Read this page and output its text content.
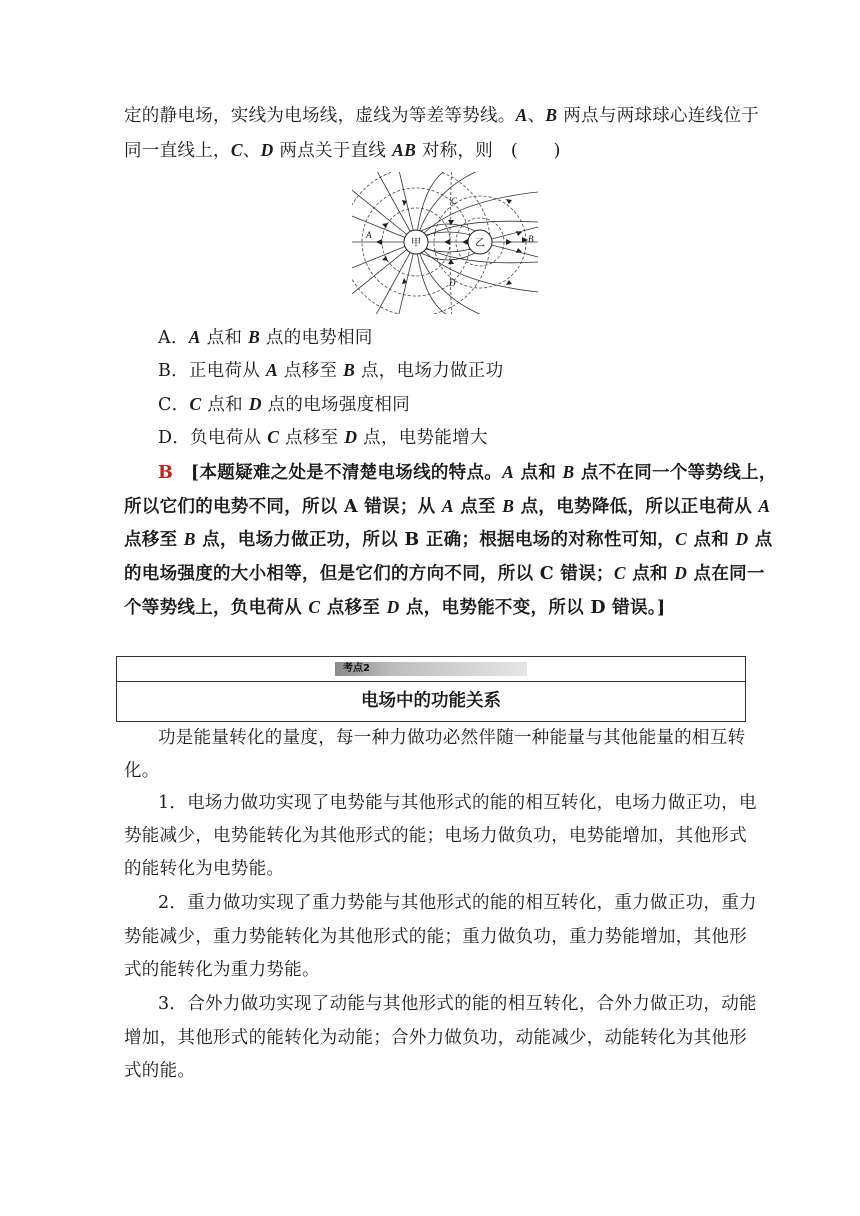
定的静电场，实线为电场线，虚线为等差等势线。A、B 两点与两球球心连线位于
同一直线上，C、D 两点关于直线 AB 对称，则　(　　)
甲	乙
A	B
C
D
A．A 点和 B 点的电势相同
B．正电荷从 A 点移至 B 点，电场力做正功
C．C 点和 D 点的电场强度相同
D．负电荷从 C 点移至 D 点，电势能增大
B　[本题疑难之处是不清楚电场线的特点。A 点和 B 点不在同一个等势线上，
所以它们的电势不同，所以 A 错误；从 A 点至 B 点，电势降低，所以正电荷从 A
点移至 B 点，电场力做正功，所以 B 正确；根据电场的对称性可知，C 点和 D 点
的电场强度的大小相等，但是它们的方向不同，所以 C 错误；C 点和 D 点在同一
个等势线上，负电荷从 C 点移至 D 点，电势能不变，所以 D 错误。]
考点2
电场中的功能关系
功是能量转化的量度，每一种力做功必然伴随一种能量与其他能量的相互转
化。
1．电场力做功实现了电势能与其他形式的能的相互转化，电场力做正功，电
势能减少，电势能转化为其他形式的能；电场力做负功，电势能增加，其他形式
的能转化为电势能。
2．重力做功实现了重力势能与其他形式的能的相互转化，重力做正功，重力
势能减少，重力势能转化为其他形式的能；重力做负功，重力势能增加，其他形
式的能转化为重力势能。
3．合外力做功实现了动能与其他形式的能的相互转化，合外力做正功，动能
增加，其他形式的能转化为动能；合外力做负功，动能减少，动能转化为其他形
式的能。
